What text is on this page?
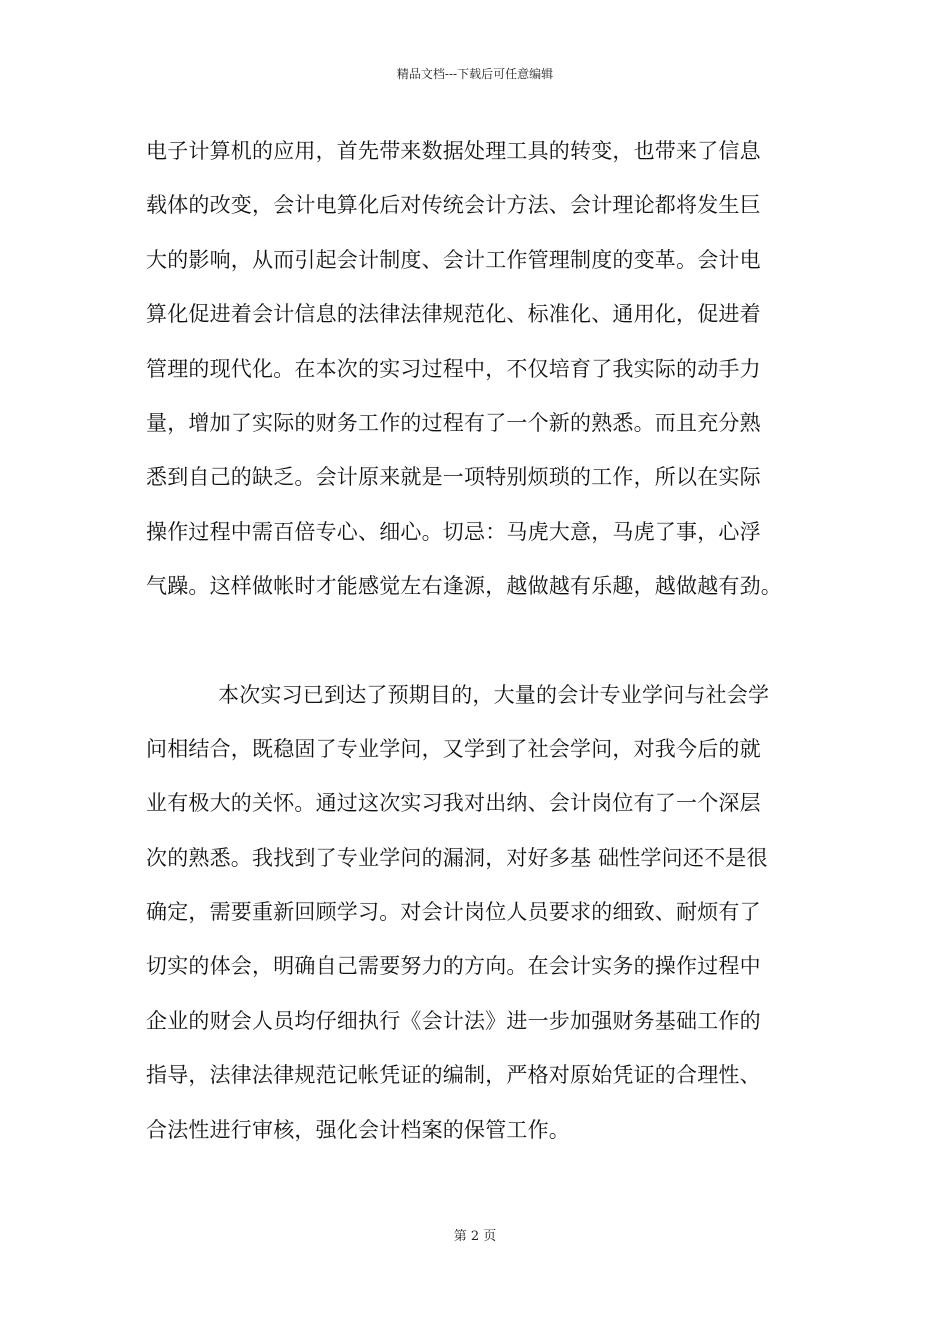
精品文档---下载后可任意编辑
电子计算机的应用，首先带来数据处理工具的转变，也带来了信息
载体的改变，会计电算化后对传统会计方法、会计理论都将发生巨
大的影响，从而引起会计制度、会计工作管理制度的变革。会计电
算化促进着会计信息的法律法律规范化、标准化、通用化，促进着
管理的现代化。在本次的实习过程中，不仅培育了我实际的动手力
量，增加了实际的财务工作的过程有了一个新的熟悉。而且充分熟
悉到自己的缺乏。会计原来就是一项特别烦琐的工作，所以在实际
操作过程中需百倍专心、细心。切忌：马虎大意，马虎了事，心浮
气躁。这样做帐时才能感觉左右逢源，越做越有乐趣，越做越有劲。
本次实习已到达了预期目的，大量的会计专业学问与社会学
问相结合，既稳固了专业学问，又学到了社会学问，对我今后的就
业有极大的关怀。通过这次实习我对出纳、会计岗位有了一个深层
次的熟悉。我找到了专业学问的漏洞，对好多基 础性学问还不是很
确定，需要重新回顾学习。对会计岗位人员要求的细致、耐烦有了
切实的体会，明确自己需要努力的方向。在会计实务的操作过程中
企业的财会人员均仔细执行《会计法》进一步加强财务基础工作的
指导，法律法律规范记帐凭证的编制，严格对原始凭证的合理性、
合法性进行审核，强化会计档案的保管工作。
第 2 页
